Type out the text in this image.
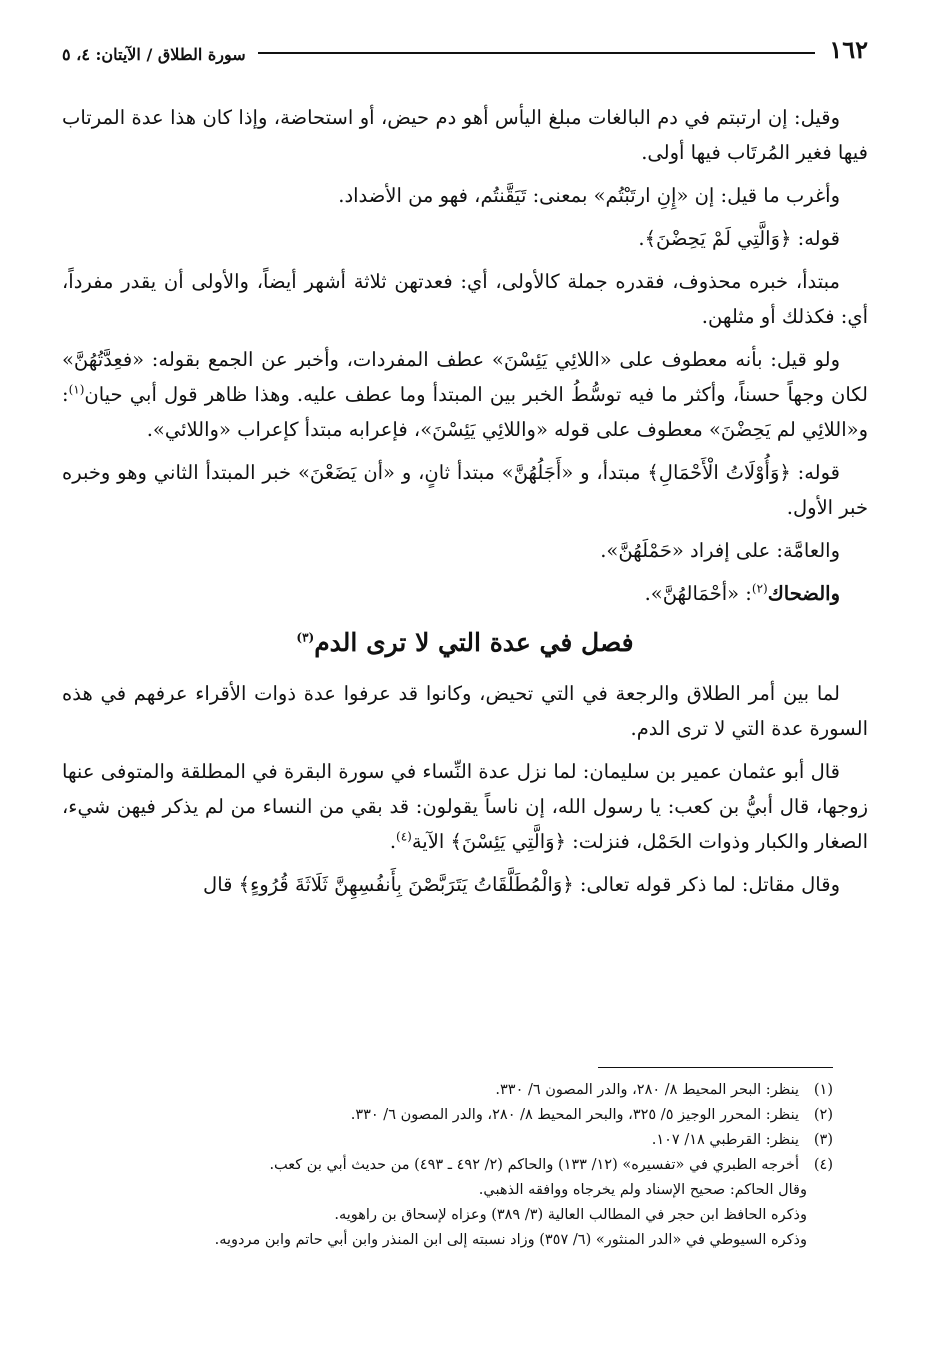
١٦٢
سورة الطلاق / الآيتان: ٤، ٥

وقيل: إن ارتبتم في دم البالغات مبلغ اليأس أهو دم حيض، أو استحاضة، وإذا كان هذا عدة المرتاب فيها فغير المُرتَاب فيها أولى.

وأغرب ما قيل: إن «إِنِ ارتَبْتُم» بمعنى: تَيَقَّنتُم، فهو من الأضداد.

قوله: ﴿وَالَّتِي لَمْ يَحِضْنَ﴾.

مبتدأ، خبره محذوف، فقدره جملة كالأولى، أي: فعدتهن ثلاثة أشهر أيضاً، والأولى أن يقدر مفرداً، أي: فكذلك أو مثلهن.

ولو قيل: بأنه معطوف على «اللائِي يَئِسْنَ» عطف المفردات، وأخبر عن الجمع بقوله: «فعِدَّتُهُنَّ» لكان وجهاً حسناً، وأكثر ما فيه توسُّطُ الخبر بين المبتدأ وما عطف عليه. وهذا ظاهر قول أبي حيان$^{(١)}$: و«اللائِي لم يَحِضْنَ» معطوف على قوله «واللائِي يَئِسْنَ»، فإعرابه مبتدأ كإعراب «واللائي».

قوله: ﴿وَأُوْلَاتُ الْأَحْمَالِ﴾ مبتدأ، و «أَجَلُهُنَّ» مبتدأ ثانٍ، و «أن يَضَعْنَ» خبر المبتدأ الثاني وهو وخبره خبر الأول.

والعامَّة: على إفراد «حَمْلَهُنَّ».

والضحاك$^{(٢)}$: «أحْمَالهُنَّ».

فصل في عدة التي لا ترى الدم$^{(٣)}$

لما بين أمر الطلاق والرجعة في التي تحيض، وكانوا قد عرفوا عدة ذوات الأقراء عرفهم في هذه السورة عدة التي لا ترى الدم.

قال أبو عثمان عمير بن سليمان: لما نزل عدة النِّساء في سورة البقرة في المطلقة والمتوفى عنها زوجها، قال أبيُّ بن كعب: يا رسول الله، إن ناساً يقولون: قد بقي من النساء من لم يذكر فيهن شيء، الصغار والكبار وذوات الحَمْل، فنزلت: ﴿وَالَّتِي يَئِسْنَ﴾ الآية$^{(٤)}$.

وقال مقاتل: لما ذكر قوله تعالى: ﴿وَالْمُطَلَّقَاتُ يَتَرَبَّصْنَ بِأَنفُسِهِنَّ ثَلَاثَةَ قُرُوءٍ﴾ قال

(١)ينظر: البحر المحيط ٨/ ٢٨٠، والدر المصون ٦/ ٣٣٠.

(٢)ينظر: المحرر الوجيز ٥/ ٣٢٥، والبحر المحيط ٨/ ٢٨٠، والدر المصون ٦/ ٣٣٠.

(٣)ينظر: القرطبي ١٨/ ١٠٧.

(٤)أخرجه الطبري في «تفسيره» (١٢/ ١٣٣) والحاكم (٢/ ٤٩٢ ـ ٤٩٣) من حديث أبي بن كعب.

وقال الحاكم: صحيح الإسناد ولم يخرجاه ووافقه الذهبي.

وذكره الحافظ ابن حجر في المطالب العالية (٣/ ٣٨٩) وعزاه لإسحاق بن راهويه.

وذكره السيوطي في «الدر المنثور» (٦/ ٣٥٧) وزاد نسبته إلى ابن المنذر وابن أبي حاتم وابن مردويه.
